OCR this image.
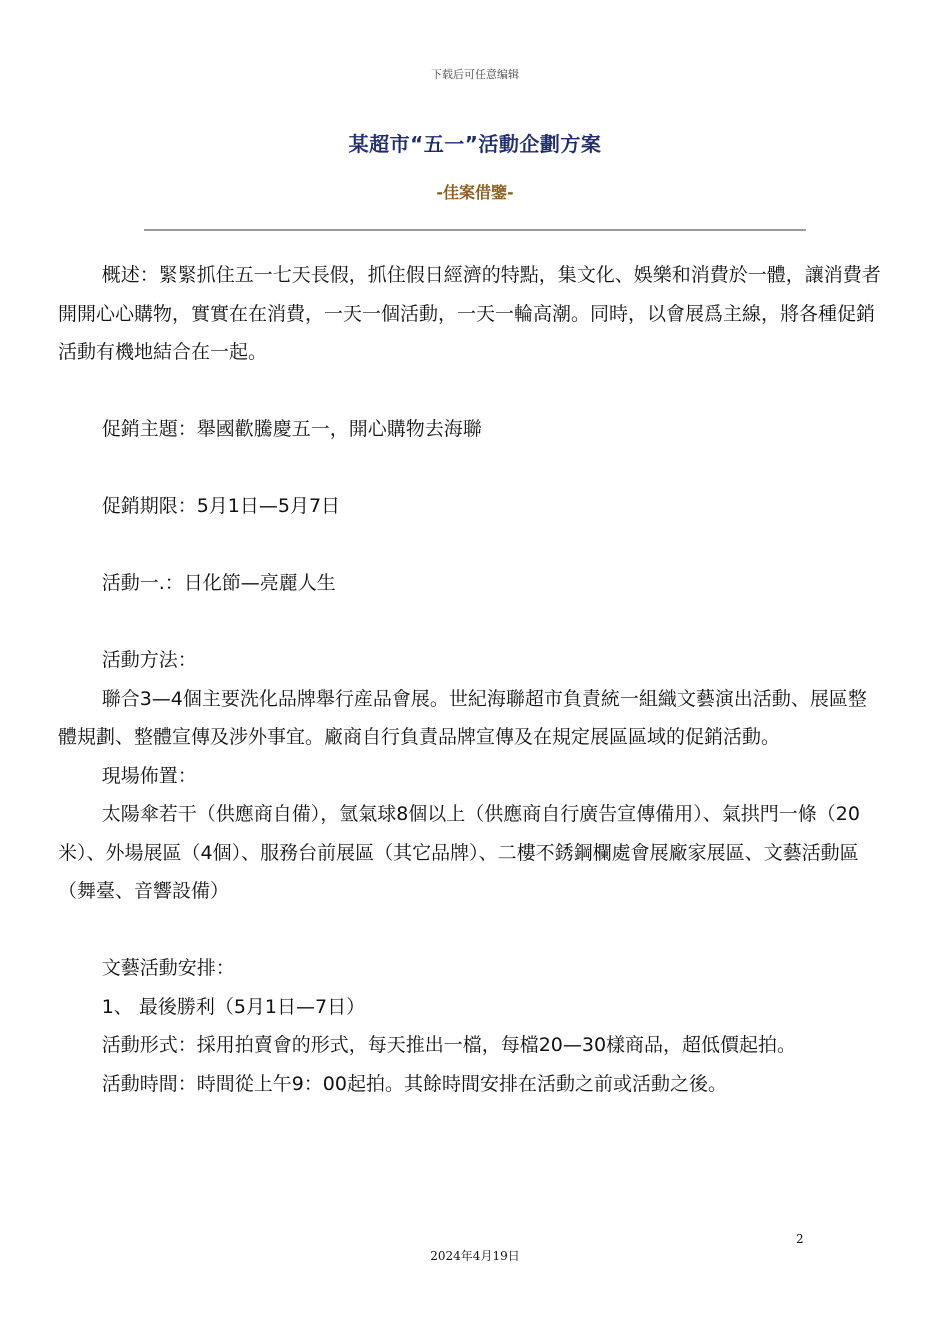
下载后可任意编辑
某超市“五一”活動企劃方案
-佳案借鑒-

概述：緊緊抓住五一七天長假，抓住假日經濟的特點，集文化、娛樂和消費於一體，讓消費者開開心心購物，實實在在消費，一天一個活動，一天一輪高潮。同時，以會展爲主線，將各種促銷活動有機地結合在一起。

促銷主題：舉國歡騰慶五一，開心購物去海聯

促銷期限：5月1日—5月7日

活動一.：日化節—亮麗人生

活動方法：

聯合3—4個主要洗化品牌舉行産品會展。世紀海聯超市負責統一組織文藝演出活動、展區整體規劃、整體宣傳及涉外事宜。廠商自行負責品牌宣傳及在規定展區區域的促銷活動。

現場佈置：

太陽傘若干（供應商自備），氫氣球8個以上（供應商自行廣告宣傳備用）、氣拱門一條（20米）、外場展區（4個）、服務台前展區（其它品牌）、二樓不銹鋼欄處會展廠家展區、文藝活動區（舞臺、音響設備）

文藝活動安排：

1、 最後勝利（5月1日—7日）

活動形式：採用拍賣會的形式，每天推出一檔，每檔20—30樣商品，超低價起拍。

活動時間：時間從上午9：00起拍。其餘時間安排在活動之前或活動之後。

2
2024年4月19日
